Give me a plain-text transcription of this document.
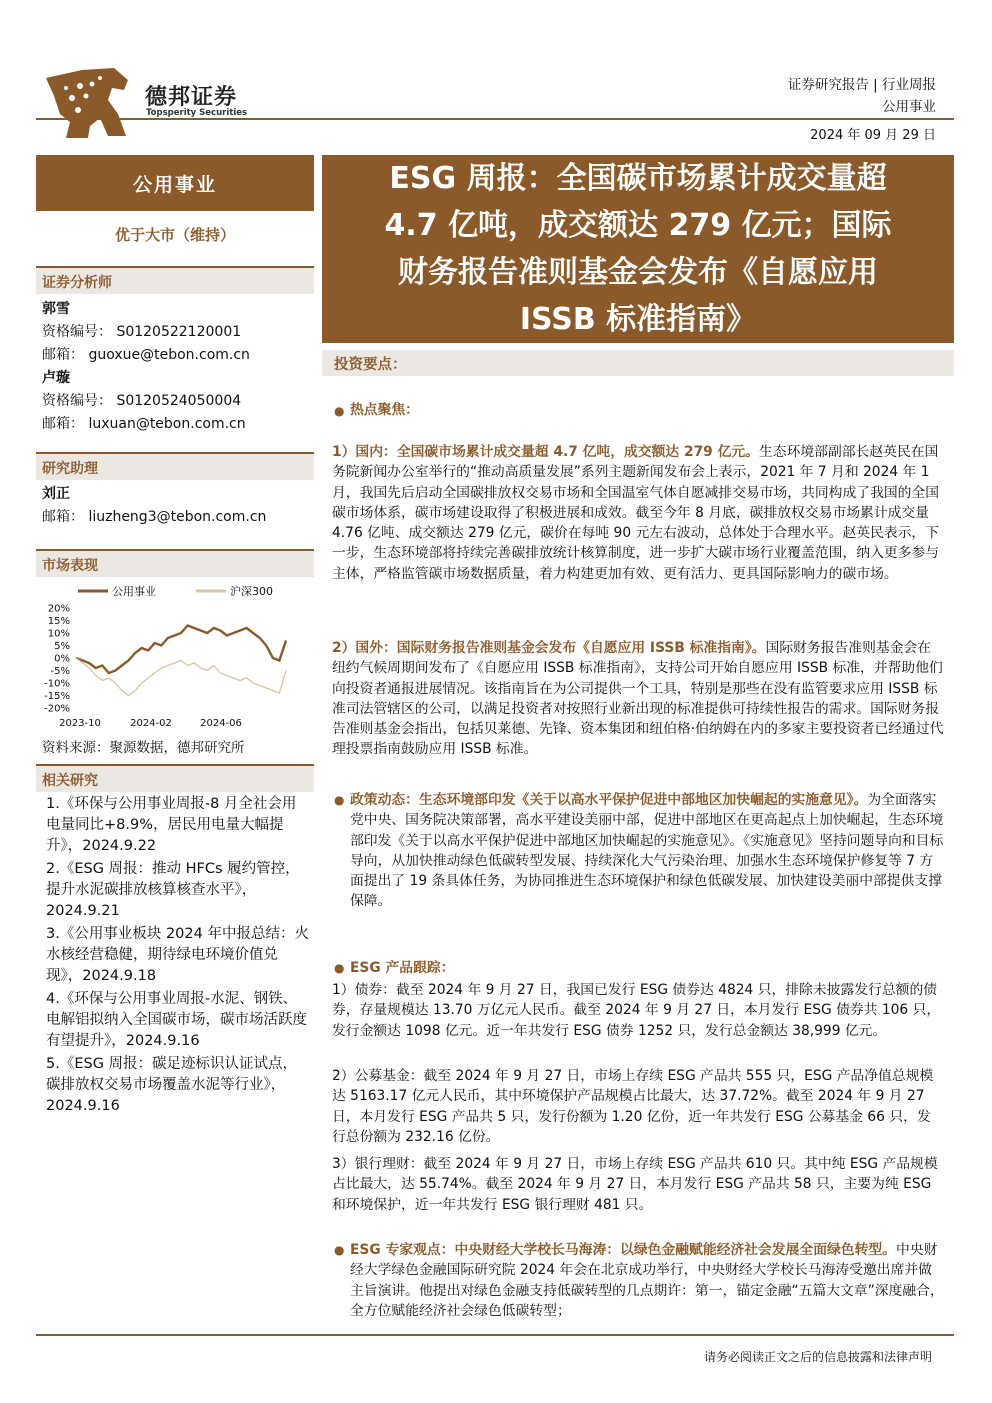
德邦证券
Topsperity Securities
证券研究报告 | 行业周报
公用事业
2024 年 09 月 29 日
公用事业
优于大市（维持）
证券分析师
郭雪
资格编号： S0120522120001
邮箱： guoxue@tebon.com.cn
卢璇
资格编号： S0120524050004
邮箱： luxuan@tebon.com.cn
研究助理
刘正
邮箱： liuzheng3@tebon.com.cn
市场表现
公用事业	沪深300
20%
15%
10%
5%
0%
-5%
-10%
-15%
-20%
2023-10	2024-02	2024-06
资料来源：聚源数据，德邦研究所
相关研究
1.《环保与公用事业周报-8 月全社会用电量同比+8.9%，居民用电量大幅提升》，2024.9.22
2.《ESG 周报：推动 HFCs 履约管控，提升水泥碳排放核算核查水平》，2024.9.21
3.《公用事业板块 2024 年中报总结：火水核经营稳健，期待绿电环境价值兑现》，2024.9.18
4.《环保与公用事业周报-水泥、钢铁、电解铝拟纳入全国碳市场，碳市场活跃度有望提升》，2024.9.16
5.《ESG 周报：碳足迹标识认证试点，碳排放权交易市场覆盖水泥等行业》，2024.9.16
ESG 周报：全国碳市场累计成交量超
4.7 亿吨，成交额达 279 亿元；国际
财务报告准则基金会发布《自愿应用
ISSB 标准指南》
投资要点：
● 热点聚焦：
1）国内：全国碳市场累计成交量超 4.7 亿吨，成交额达 279 亿元。生态环境部副部长赵英民在国务院新闻办公室举行的“推动高质量发展”系列主题新闻发布会上表示，2021 年 7 月和 2024 年 1 月，我国先后启动全国碳排放权交易市场和全国温室气体自愿减排交易市场，共同构成了我国的全国碳市场体系，碳市场建设取得了积极进展和成效。截至今年 8 月底，碳排放权交易市场累计成交量 4.76 亿吨、成交额达 279 亿元，碳价在每吨 90 元左右波动，总体处于合理水平。赵英民表示，下一步，生态环境部将持续完善碳排放统计核算制度，进一步扩大碳市场行业覆盖范围，纳入更多参与主体，严格监管碳市场数据质量，着力构建更加有效、更有活力、更具国际影响力的碳市场。
2）国外：国际财务报告准则基金会发布《自愿应用 ISSB 标准指南》。国际财务报告准则基金会在纽约气候周期间发布了《自愿应用 ISSB 标准指南》，支持公司开始自愿应用 ISSB 标准，并帮助他们向投资者通报进展情况。该指南旨在为公司提供一个工具，特别是那些在没有监管要求应用 ISSB 标准司法管辖区的公司，以满足投资者对按照行业新出现的标准提供可持续性报告的需求。国际财务报告准则基金会指出，包括贝莱德、先锋、资本集团和纽伯格·伯纳姆在内的多家主要投资者已经通过代理投票指南鼓励应用 ISSB 标准。
● 政策动态：生态环境部印发《关于以高水平保护促进中部地区加快崛起的实施意见》。为全面落实党中央、国务院决策部署，高水平建设美丽中部，促进中部地区在更高起点上加快崛起，生态环境部印发《关于以高水平保护促进中部地区加快崛起的实施意见》。《实施意见》坚持问题导向和目标导向，从加快推动绿色低碳转型发展、持续深化大气污染治理、加强水生态环境保护修复等 7 方面提出了 19 条具体任务，为协同推进生态环境保护和绿色低碳发展、加快建设美丽中部提供支撑保障。
● ESG 产品跟踪：
1）债券：截至 2024 年 9 月 27 日，我国已发行 ESG 债券达 4824 只，排除未披露发行总额的债券，存量规模达 13.70 万亿元人民币。截至 2024 年 9 月 27 日，本月发行 ESG 债券共 106 只，发行金额达 1098 亿元。近一年共发行 ESG 债券 1252 只，发行总金额达 38,999 亿元。
2）公募基金：截至 2024 年 9 月 27 日，市场上存续 ESG 产品共 555 只，ESG 产品净值总规模达 5163.17 亿元人民币，其中环境保护产品规模占比最大，达 37.72%。截至 2024 年 9 月 27 日，本月发行 ESG 产品共 5 只，发行份额为 1.20 亿份，近一年共发行 ESG 公募基金 66 只，发行总份额为 232.16 亿份。
3）银行理财：截至 2024 年 9 月 27 日，市场上存续 ESG 产品共 610 只。其中纯 ESG 产品规模占比最大，达 55.74%。截至 2024 年 9 月 27 日，本月发行 ESG 产品共 58 只，主要为纯 ESG 和环境保护，近一年共发行 ESG 银行理财 481 只。
● ESG 专家观点：中央财经大学校长马海涛：以绿色金融赋能经济社会发展全面绿色转型。中央财经大学绿色金融国际研究院 2024 年会在北京成功举行，中央财经大学校长马海涛受邀出席并做主旨演讲。他提出对绿色金融支持低碳转型的几点期许：第一，锚定金融“五篇大文章”深度融合，全方位赋能经济社会绿色低碳转型；
请务必阅读正文之后的信息披露和法律声明
